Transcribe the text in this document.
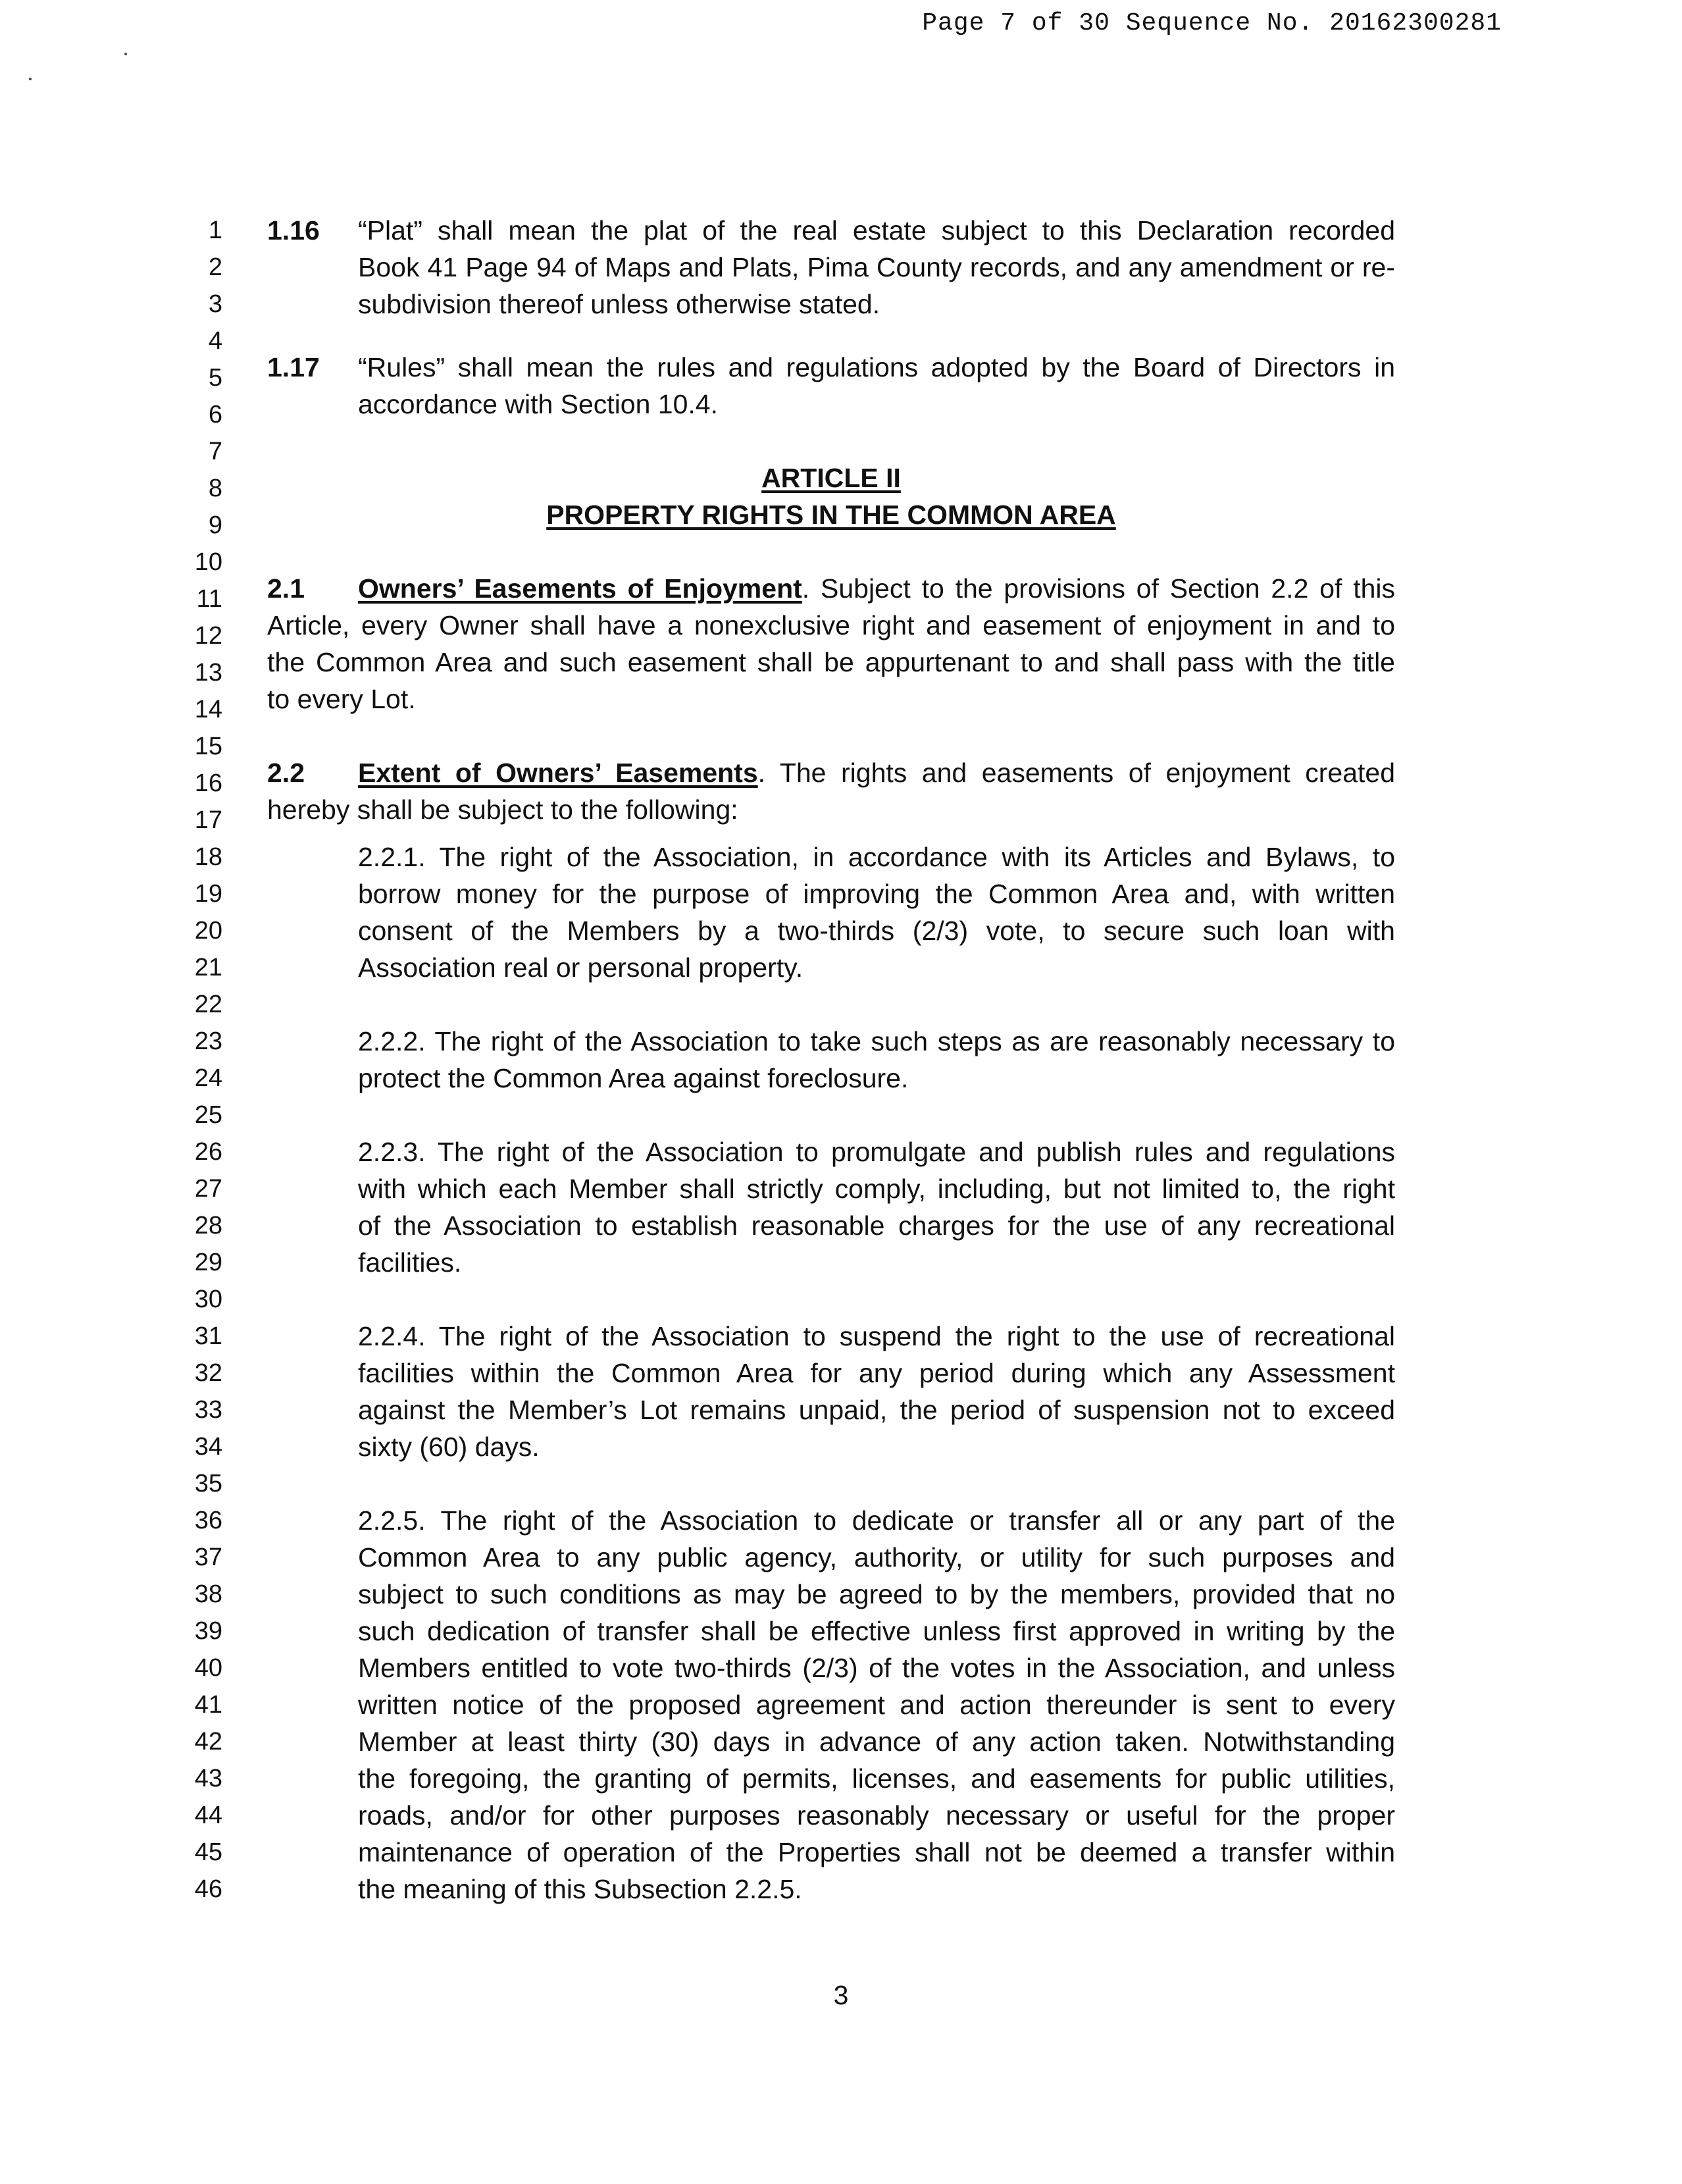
Page 7 of 30 Sequence No. 20162300281
1
2
3
4
5
6
7
8
9
10
11
12
13
14
15
16
17
18
19
20
21
22
23
24
25
26
27
28
29
30
31
32
33
34
35
36
37
38
39
40
41
42
43
44
45
46
1.16 “Plat” shall mean the plat of the real estate subject to this Declaration recorded
Book 41 Page 94 of Maps and Plats, Pima County records, and any amendment or re-
subdivision thereof unless otherwise stated.
1.17 “Rules” shall mean the rules and regulations adopted by the Board of Directors in
accordance with Section 10.4.
ARTICLE II
PROPERTY RIGHTS IN THE COMMON AREA
2.1 Owners’ Easements of Enjoyment. Subject to the provisions of Section 2.2 of this
Article, every Owner shall have a nonexclusive right and easement of enjoyment in and to
the Common Area and such easement shall be appurtenant to and shall pass with the title
to every Lot.
2.2 Extent of Owners’ Easements. The rights and easements of enjoyment created
hereby shall be subject to the following:
2.2.1. The right of the Association, in accordance with its Articles and Bylaws, to
borrow money for the purpose of improving the Common Area and, with written
consent of the Members by a two-thirds (2/3) vote, to secure such loan with
Association real or personal property.
2.2.2. The right of the Association to take such steps as are reasonably necessary to
protect the Common Area against foreclosure.
2.2.3. The right of the Association to promulgate and publish rules and regulations
with which each Member shall strictly comply, including, but not limited to, the right
of the Association to establish reasonable charges for the use of any recreational
facilities.
2.2.4. The right of the Association to suspend the right to the use of recreational
facilities within the Common Area for any period during which any Assessment
against the Member’s Lot remains unpaid, the period of suspension not to exceed
sixty (60) days.
2.2.5. The right of the Association to dedicate or transfer all or any part of the
Common Area to any public agency, authority, or utility for such purposes and
subject to such conditions as may be agreed to by the members, provided that no
such dedication of transfer shall be effective unless first approved in writing by the
Members entitled to vote two-thirds (2/3) of the votes in the Association, and unless
written notice of the proposed agreement and action thereunder is sent to every
Member at least thirty (30) days in advance of any action taken. Notwithstanding
the foregoing, the granting of permits, licenses, and easements for public utilities,
roads, and/or for other purposes reasonably necessary or useful for the proper
maintenance of operation of the Properties shall not be deemed a transfer within
the meaning of this Subsection 2.2.5.
3
